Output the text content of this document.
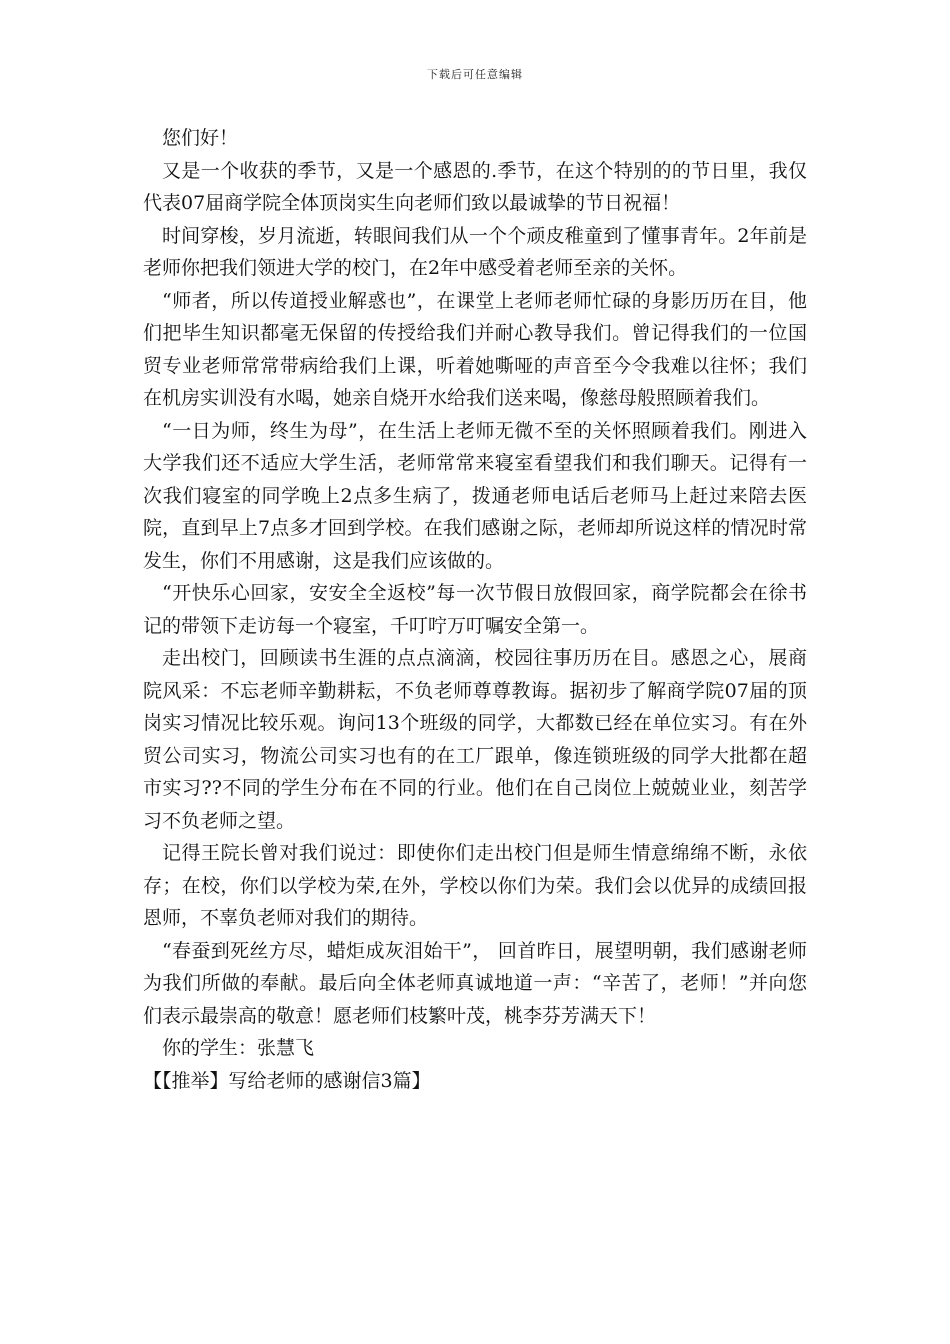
下载后可任意编辑

您们好！

又是一个收获的季节，又是一个感恩的.季节，在这个特别的的节日里，我仅代表07届商学院全体顶岗实生向老师们致以最诚挚的节日祝福！

时间穿梭，岁月流逝，转眼间我们从一个个顽皮稚童到了懂事青年。2年前是老师你把我们领进大学的校门，在2年中感受着老师至亲的关怀。

“师者，所以传道授业解惑也”，在课堂上老师老师忙碌的身影历历在目，他们把毕生知识都毫无保留的传授给我们并耐心教导我们。曾记得我们的一位国贸专业老师常常带病给我们上课，听着她嘶哑的声音至今令我难以往怀；我们在机房实训没有水喝，她亲自烧开水给我们送来喝，像慈母般照顾着我们。

“一日为师，终生为母”，在生活上老师无微不至的关怀照顾着我们。刚进入大学我们还不适应大学生活，老师常常来寝室看望我们和我们聊天。记得有一次我们寝室的同学晚上2点多生病了，拨通老师电话后老师马上赶过来陪去医院，直到早上7点多才回到学校。在我们感谢之际，老师却所说这样的情况时常发生，你们不用感谢，这是我们应该做的。

“开快乐心回家，安安全全返校”每一次节假日放假回家，商学院都会在徐书记的带领下走访每一个寝室，千叮咛万叮嘱安全第一。

走出校门，回顾读书生涯的点点滴滴，校园往事历历在目。感恩之心，展商院风采：不忘老师辛勤耕耘，不负老师尊尊教诲。据初步了解商学院07届的顶岗实习情况比较乐观。询问13个班级的同学，大都数已经在单位实习。有在外贸公司实习，物流公司实习也有的在工厂跟单，像连锁班级的同学大批都在超市实习??不同的学生分布在不同的行业。他们在自己岗位上兢兢业业，刻苦学习不负老师之望。

记得王院长曾对我们说过：即使你们走出校门但是师生情意绵绵不断，永依存；在校，你们以学校为荣,在外，学校以你们为荣。我们会以优异的成绩回报恩师，不辜负老师对我们的期待。

“春蚕到死丝方尽，蜡炬成灰泪始干”， 回首昨日，展望明朝，我们感谢老师为我们所做的奉献。最后向全体老师真诚地道一声：“辛苦了，老师！”并向您们表示最崇高的敬意！愿老师们枝繁叶茂，桃李芬芳满天下！

你的学生：张慧飞

【【推举】写给老师的感谢信3篇】
